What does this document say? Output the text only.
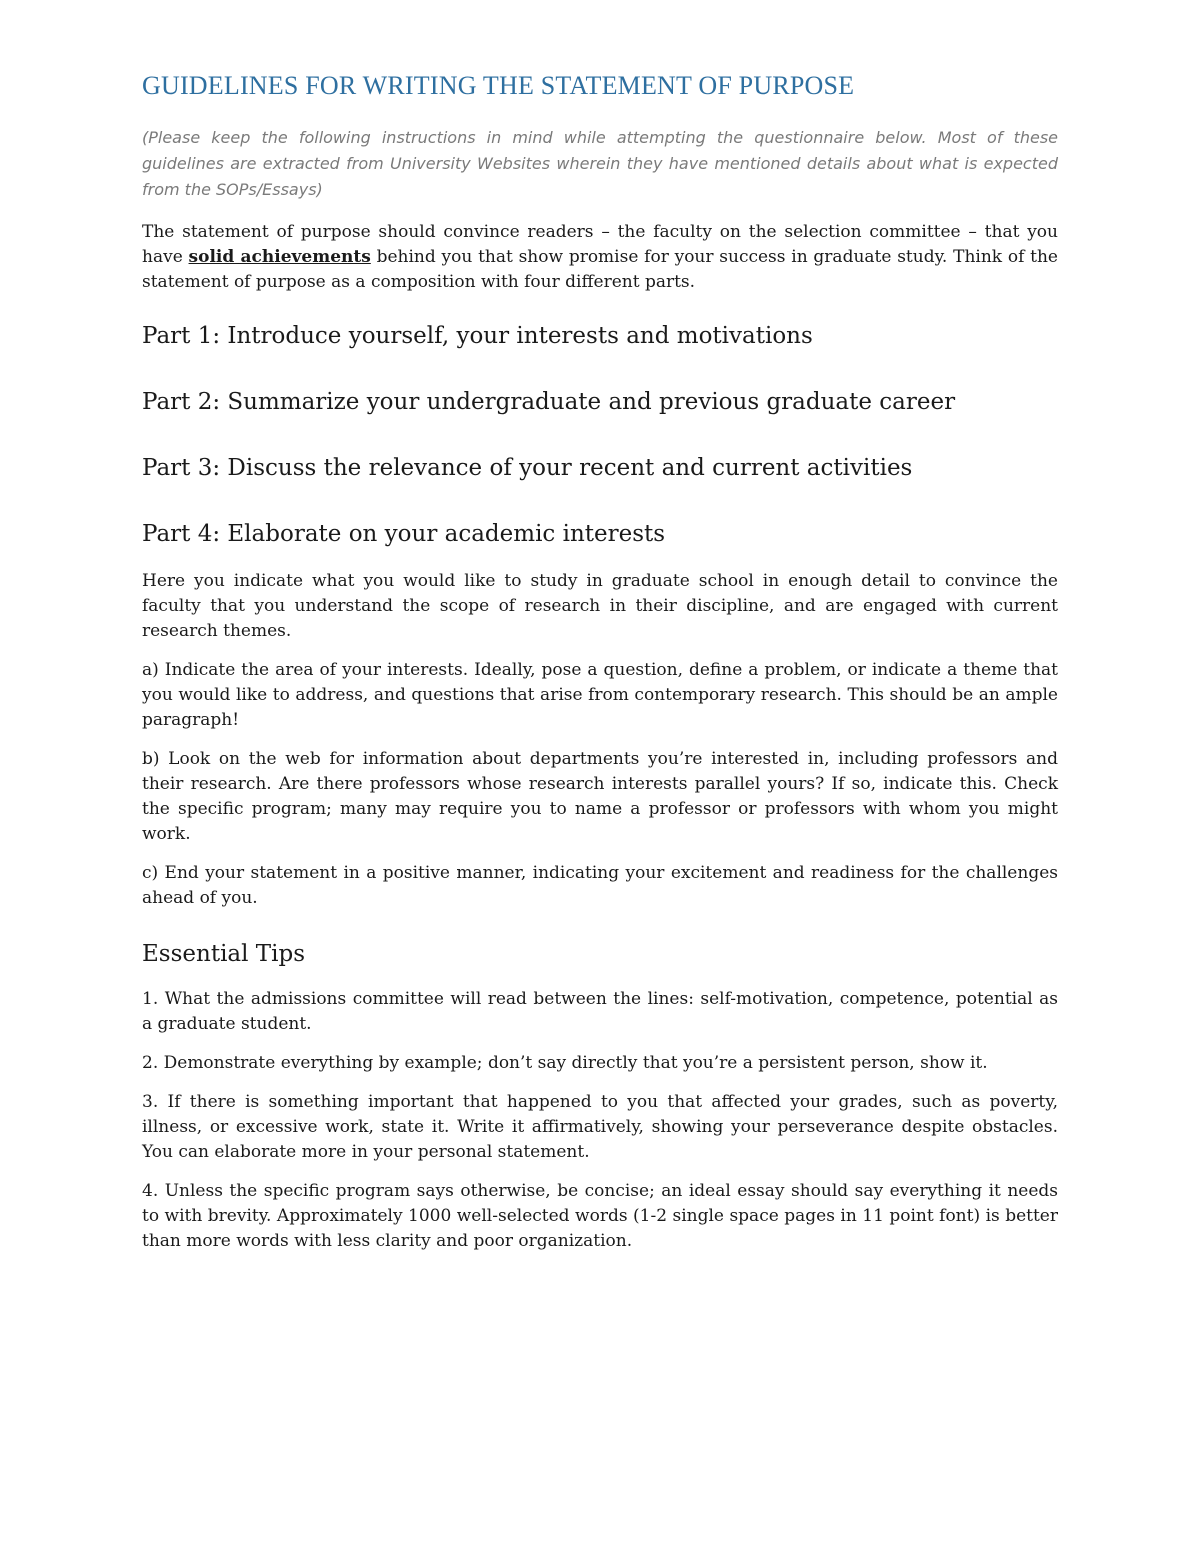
GUIDELINES FOR WRITING THE STATEMENT OF PURPOSE

(Please keep the following instructions in mind while attempting the questionnaire below. Most of these guidelines are extracted from University Websites wherein they have mentioned details about what is expected from the SOPs/Essays)

The statement of purpose should convince readers – the faculty on the selection committee – that you have solid achievements behind you that show promise for your success in graduate study. Think of the statement of purpose as a composition with four different parts.

Part 1: Introduce yourself, your interests and motivations
Part 2: Summarize your undergraduate and previous graduate career
Part 3: Discuss the relevance of your recent and current activities
Part 4: Elaborate on your academic interests

Here you indicate what you would like to study in graduate school in enough detail to convince the faculty that you understand the scope of research in their discipline, and are engaged with current research themes.

a) Indicate the area of your interests. Ideally, pose a question, define a problem, or indicate a theme that you would like to address, and questions that arise from contemporary research. This should be an ample paragraph!

b) Look on the web for information about departments you’re interested in, including professors and their research. Are there professors whose research interests parallel yours? If so, indicate this. Check the specific program; many may require you to name a professor or professors with whom you might work.

c) End your statement in a positive manner, indicating your excitement and readiness for the challenges ahead of you.

Essential Tips

1. What the admissions committee will read between the lines: self-motivation, competence, potential as a graduate student.

2. Demonstrate everything by example; don’t say directly that you’re a persistent person, show it.

3. If there is something important that happened to you that affected your grades, such as poverty, illness, or excessive work, state it. Write it affirmatively, showing your perseverance despite obstacles. You can elaborate more in your personal statement.

4. Unless the specific program says otherwise, be concise; an ideal essay should say everything it needs to with brevity. Approximately 1000 well-selected words (1-2 single space pages in 11 point font) is better than more words with less clarity and poor organization.
